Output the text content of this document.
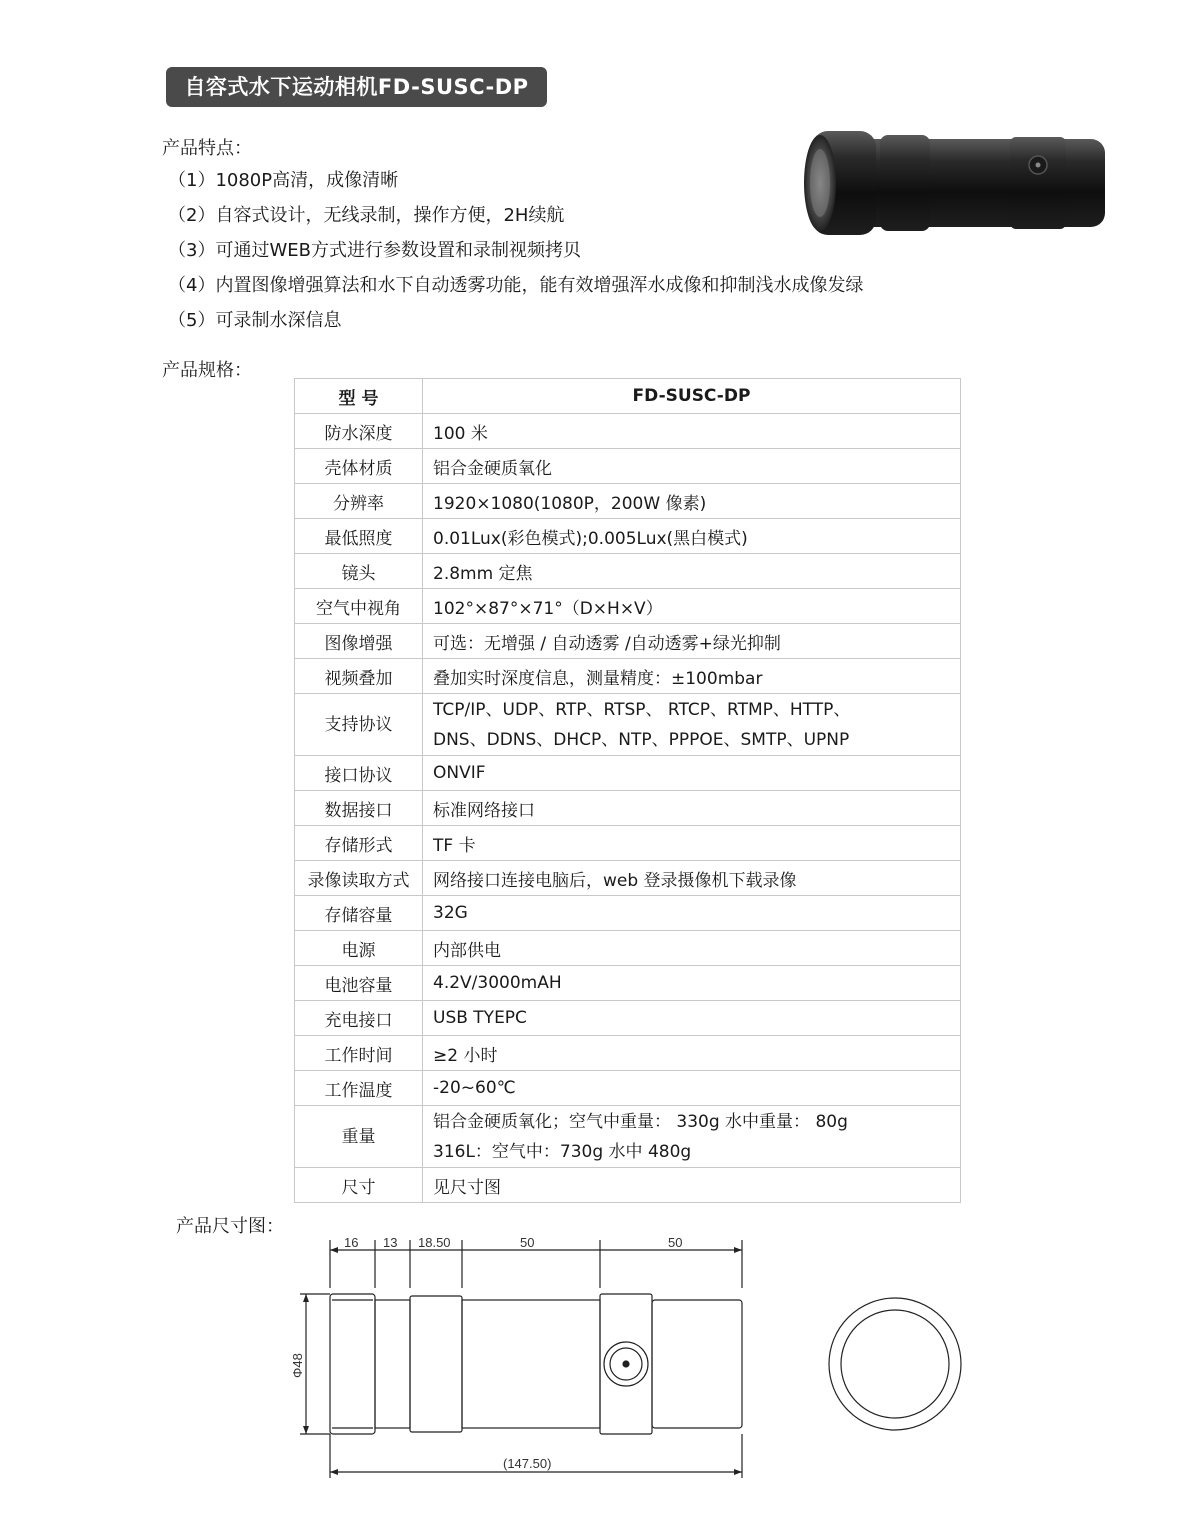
自容式水下运动相机FD-SUSC-DP
产品特点：
（1）1080P高清，成像清晰
（2）自容式设计，无线录制，操作方便，2H续航
（3）可通过WEB方式进行参数设置和录制视频拷贝
（4）内置图像增强算法和水下自动透雾功能，能有效增强浑水成像和抑制浅水成像发绿
（5）可录制水深信息
产品规格：
型 号	FD-SUSC-DP
防水深度	100 米
壳体材质	铝合金硬质氧化
分辨率	1920×1080(1080P，200W 像素)
最低照度	0.01Lux(彩色模式);0.005Lux(黑白模式)
镜头	2.8mm 定焦
空气中视角	102°×87°×71°（D×H×V）
图像增强	可选：无增强 / 自动透雾 /自动透雾+绿光抑制
视频叠加	叠加实时深度信息，测量精度：±100mbar
支持协议	TCP/IP、UDP、RTP、RTSP、 RTCP、RTMP、HTTP、
DNS、DDNS、DHCP、NTP、PPPOE、SMTP、UPNP

接口协议	ONVIF
数据接口	标准网络接口
存储形式	TF 卡
录像读取方式	网络接口连接电脑后，web 登录摄像机下载录像
存储容量	32G
电源	内部供电
电池容量	4.2V/3000mAH
充电接口	USB TYEPC
工作时间	≥2 小时
工作温度	-20~60℃
重量	铝合金硬质氧化；空气中重量： 330g 水中重量： 80g
316L：空气中：730g 水中 480g

尺寸	见尺寸图
产品尺寸图：
16 13 18.50	50	50
Φ48
(147.50)
